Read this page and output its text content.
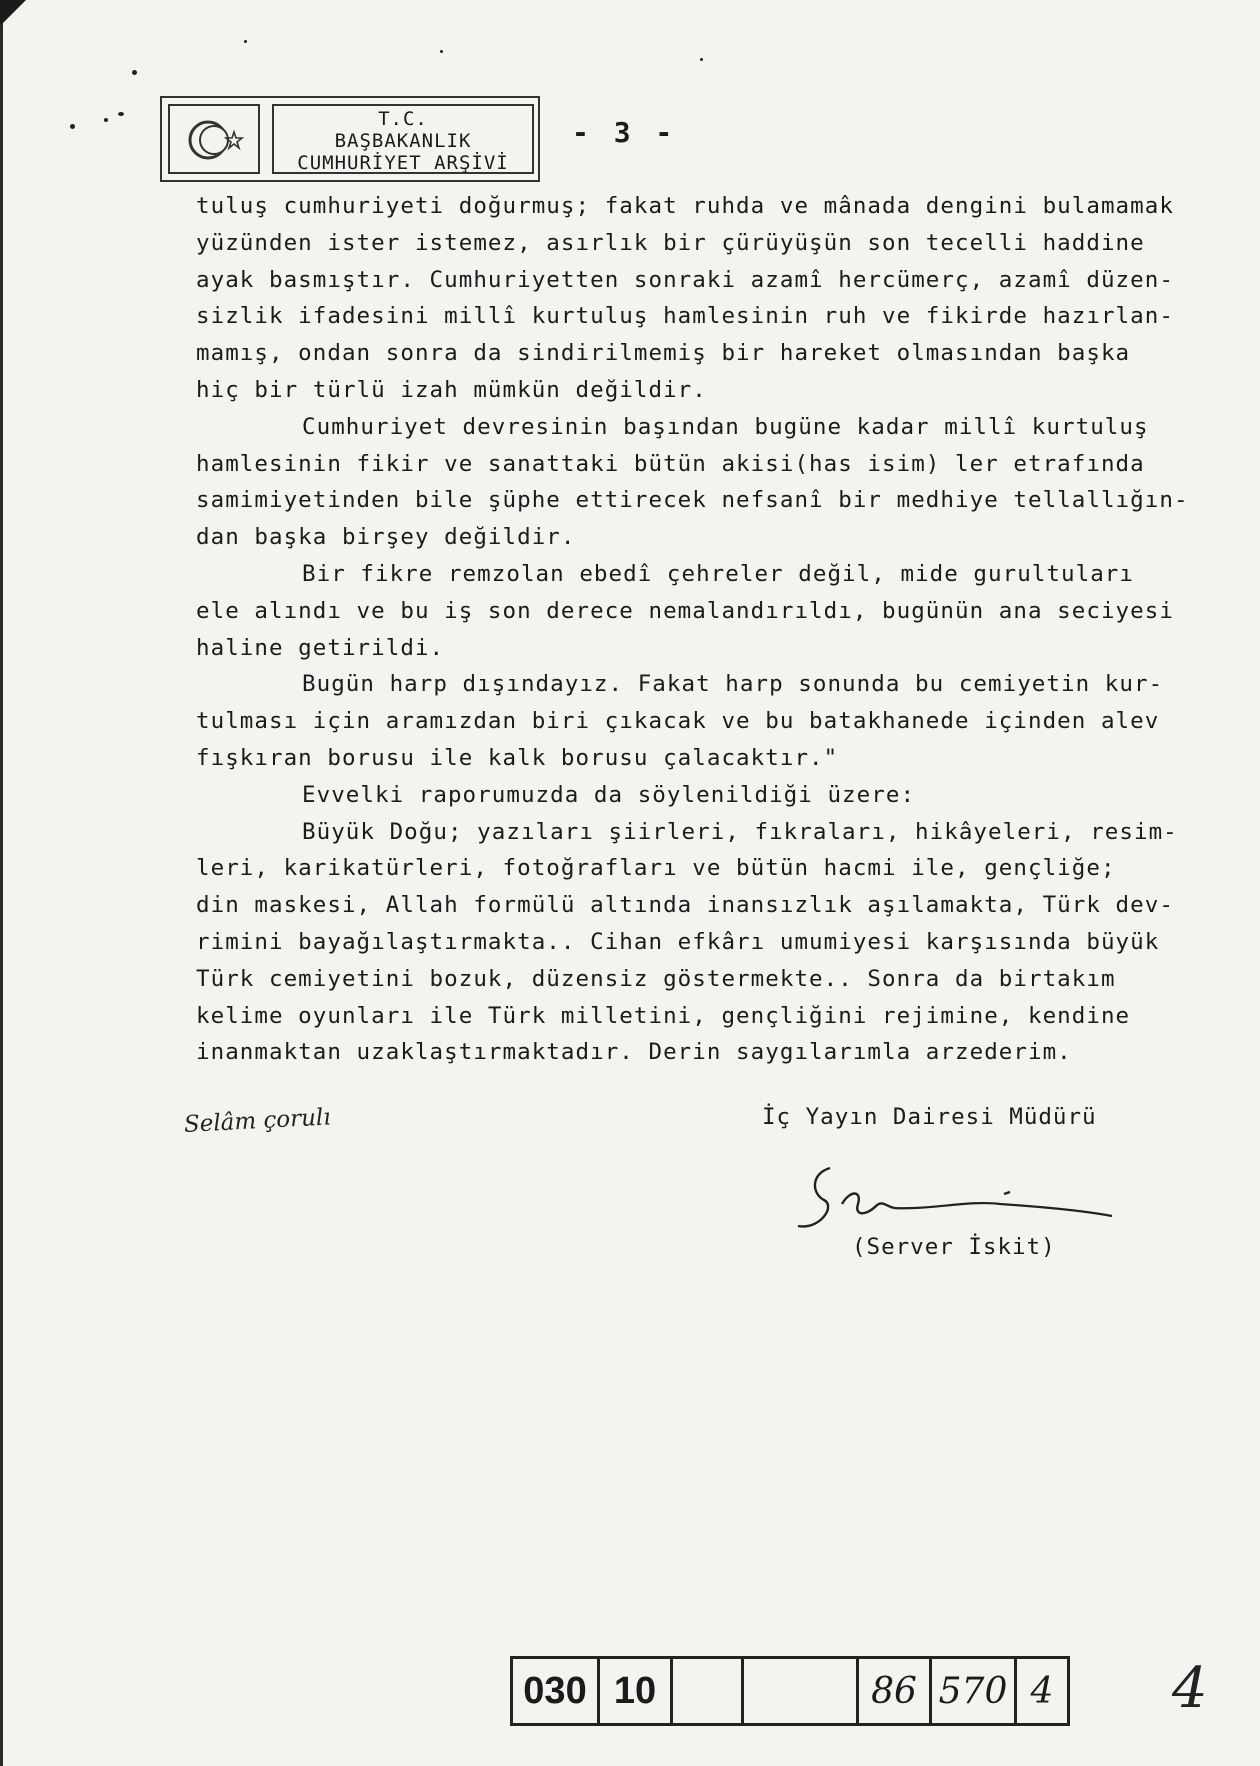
T.C.
BAŞBAKANLIK
CUMHURİYET ARŞİVİ
- 3 -
tuluş cumhuriyeti doğurmuş; fakat ruhda ve mânada dengini bulamamak
yüzünden ister istemez, asırlık bir çürüyüşün son tecelli haddine
ayak basmıştır. Cumhuriyetten sonraki azamî hercümerç, azamî düzen-
sizlik ifadesini millî kurtuluş hamlesinin ruh ve fikirde hazırlan-
mamış, ondan sonra da sindirilmemiş bir hareket olmasından başka
hiç bir türlü izah mümkün değildir.
Cumhuriyet devresinin başından bugüne kadar millî kurtuluş
hamlesinin fikir ve sanattaki bütün akisi(has isim) ler etrafında
samimiyetinden bile şüphe ettirecek nefsanî bir medhiye tellallığın-
dan başka birşey değildir.
Bir fikre remzolan ebedî çehreler değil, mide gurultuları
ele alındı ve bu iş son derece nemalandırıldı, bugünün ana seciyesi
haline getirildi.
Bugün harp dışındayız. Fakat harp sonunda bu cemiyetin kur-
tulması için aramızdan biri çıkacak ve bu batakhanede içinden alev
fışkıran borusu ile kalk borusu çalacaktır."
Evvelki raporumuzda da söylenildiği üzere:
Büyük Doğu; yazıları şiirleri, fıkraları, hikâyeleri, resim-
leri, karikatürleri, fotoğrafları ve bütün hacmi ile, gençliğe;
din maskesi, Allah formülü altında inansızlık aşılamakta, Türk dev-
rimini bayağılaştırmakta.. Cihan efkârı umumiyesi karşısında büyük
Türk cemiyetini bozuk, düzensiz göstermekte.. Sonra da birtakım
kelime oyunları ile Türk milletini, gençliğini rejimine, kendine
inanmaktan uzaklaştırmaktadır. Derin saygılarımla arzederim.
Selâm çorulı	İç Yayın Dairesi Müdürü
(Server İskit)
030 10	86 570 4 4
